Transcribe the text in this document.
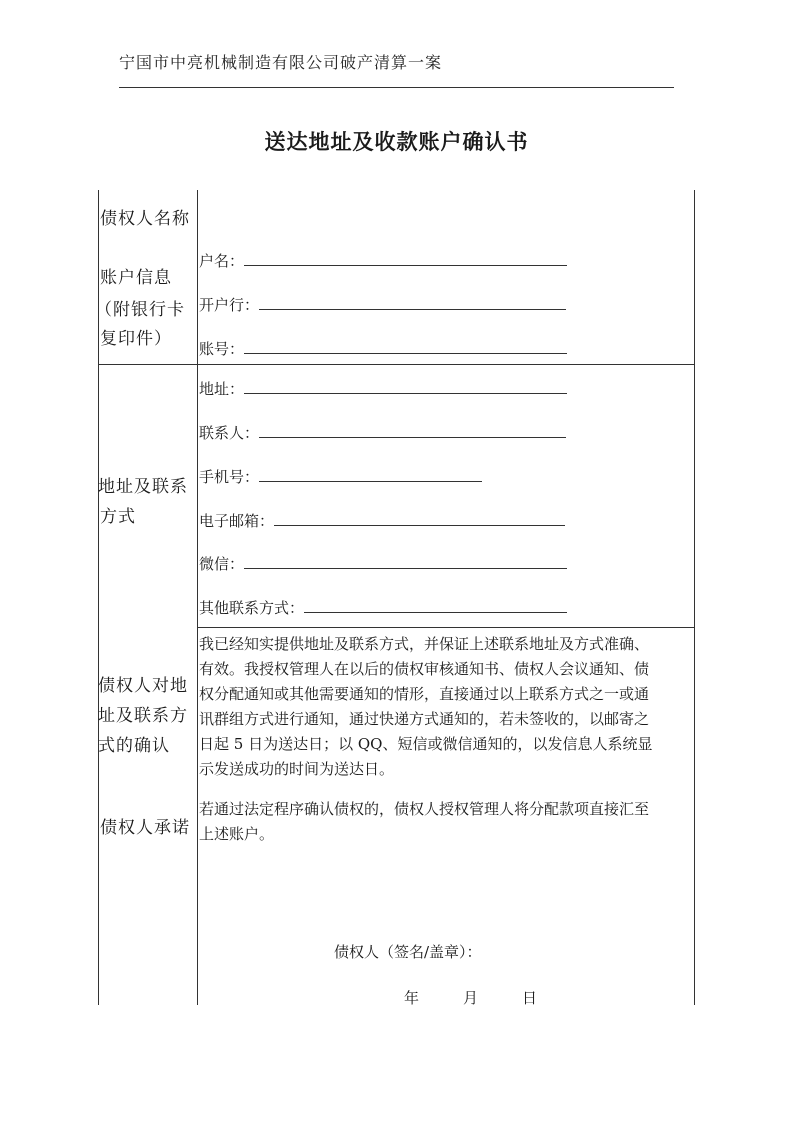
宁国市中亮机械制造有限公司破产清算一案
送达地址及收款账户确认书
债权人名称
账户信息
（附银行卡
复印件）
地址及联系
方式
债权人对地
址及联系方
式的确认
债权人承诺
户名：
开户行：
账号：
地址：
联系人：
手机号：
电子邮箱：
微信：
其他联系方式：
我已经知实提供地址及联系方式，并保证上述联系地址及方式准确、
有效。我授权管理人在以后的债权审核通知书、债权人会议通知、债
权分配通知或其他需要通知的情形，直接通过以上联系方式之一或通
讯群组方式进行通知，通过快递方式通知的，若未签收的，以邮寄之
日起 5 日为送达日；以 QQ、短信或微信通知的，以发信息人系统显
示发送成功的时间为送达日。
若通过法定程序确认债权的，债权人授权管理人将分配款项直接汇至
上述账户。
债权人（签名/盖章）：
年	月	日
